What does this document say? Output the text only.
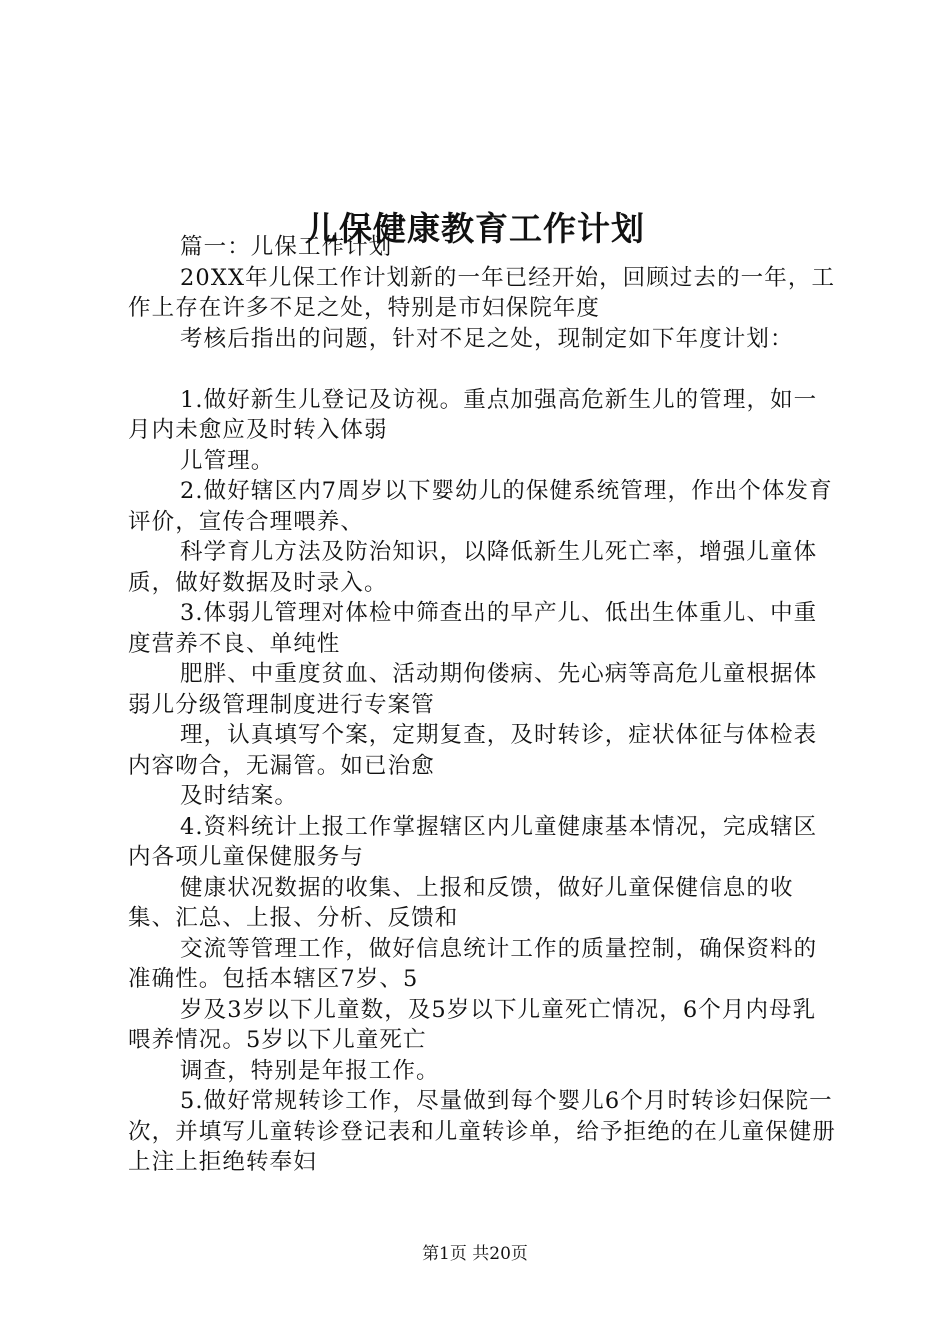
儿保健康教育工作计划

篇一：儿保工作计划

20XX年儿保工作计划新的一年已经开始，回顾过去的一年，工作上存在许多不足之处，特别是市妇保院年度

考核后指出的问题，针对不足之处，现制定如下年度计划：

1.做好新生儿登记及访视。重点加强高危新生儿的管理，如一月内未愈应及时转入体弱

儿管理。

2.做好辖区内7周岁以下婴幼儿的保健系统管理，作出个体发育评价，宣传合理喂养、

科学育儿方法及防治知识，以降低新生儿死亡率，增强儿童体质，做好数据及时录入。

3.体弱儿管理对体检中筛查出的早产儿、低出生体重儿、中重度营养不良、单纯性

肥胖、中重度贫血、活动期佝偻病、先心病等高危儿童根据体弱儿分级管理制度进行专案管

理，认真填写个案，定期复查，及时转诊，症状体征与体检表内容吻合，无漏管。如已治愈

及时结案。

4.资料统计上报工作掌握辖区内儿童健康基本情况，完成辖区内各项儿童保健服务与

健康状况数据的收集、上报和反馈，做好儿童保健信息的收集、汇总、上报、分析、反馈和

交流等管理工作，做好信息统计工作的质量控制，确保资料的准确性。包括本辖区7岁、5

岁及3岁以下儿童数，及5岁以下儿童死亡情况，6个月内母乳喂养情况。5岁以下儿童死亡

调查，特别是年报工作。

5.做好常规转诊工作，尽量做到每个婴儿6个月时转诊妇保院一次，并填写儿童转诊登记表和儿童转诊单，给予拒绝的在儿童保健册上注上拒绝转奉妇

第1页 共20页
